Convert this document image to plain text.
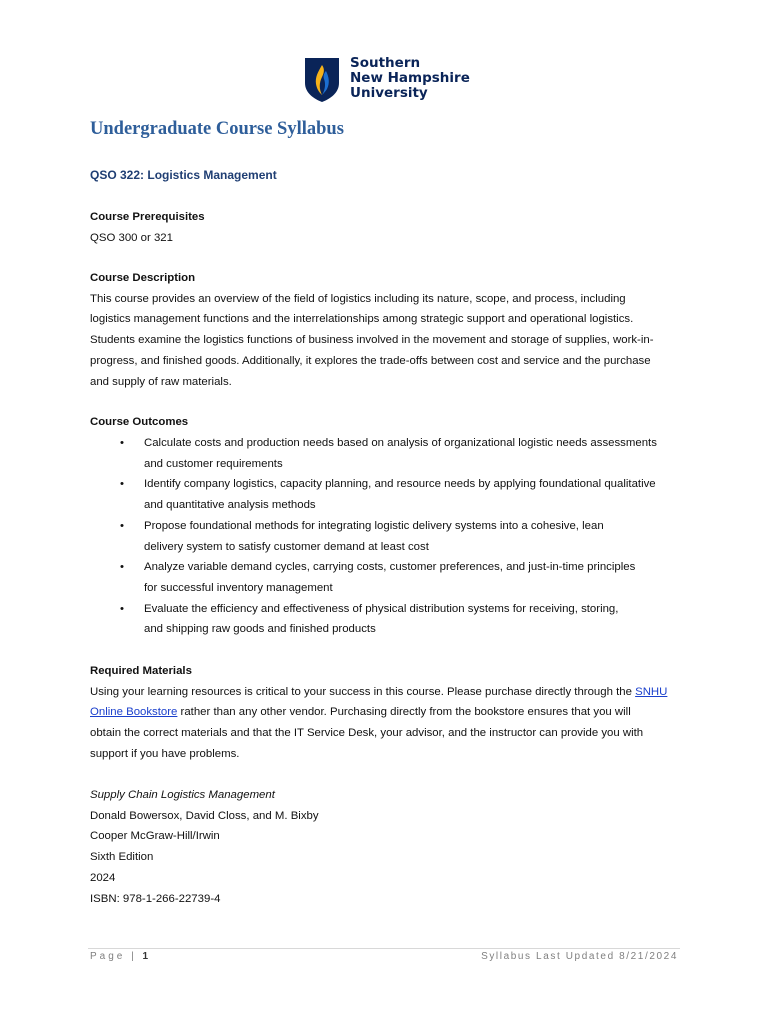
Southern
New Hampshire
University
Undergraduate Course Syllabus
QSO 322: Logistics Management
Course Prerequisites
QSO 300 or 321
Course Description
This course provides an overview of the field of logistics including its nature, scope, and process, including
logistics management functions and the interrelationships among strategic support and operational logistics.
Students examine the logistics functions of business involved in the movement and storage of supplies, work-in-
progress, and finished goods. Additionally, it explores the trade-offs between cost and service and the purchase
and supply of raw materials.
Course Outcomes
• Calculate costs and production needs based on analysis of organizational logistic needs assessments
and customer requirements
• Identify company logistics, capacity planning, and resource needs by applying foundational qualitative
and quantitative analysis methods
• Propose foundational methods for integrating logistic delivery systems into a cohesive, lean
delivery system to satisfy customer demand at least cost
• Analyze variable demand cycles, carrying costs, customer preferences, and just-in-time principles
for successful inventory management
• Evaluate the efficiency and effectiveness of physical distribution systems for receiving, storing,
and shipping raw goods and finished products
Required Materials
Using your learning resources is critical to your success in this course. Please purchase directly through the SNHU
Online Bookstore rather than any other vendor. Purchasing directly from the bookstore ensures that you will
obtain the correct materials and that the IT Service Desk, your advisor, and the instructor can provide you with
support if you have problems.
Supply Chain Logistics Management
Donald Bowersox, David Closs, and M. Bixby
Cooper McGraw-Hill/Irwin
Sixth Edition
2024
ISBN: 978-1-266-22739-4
Page | 1	Syllabus Last Updated 8/21/2024
